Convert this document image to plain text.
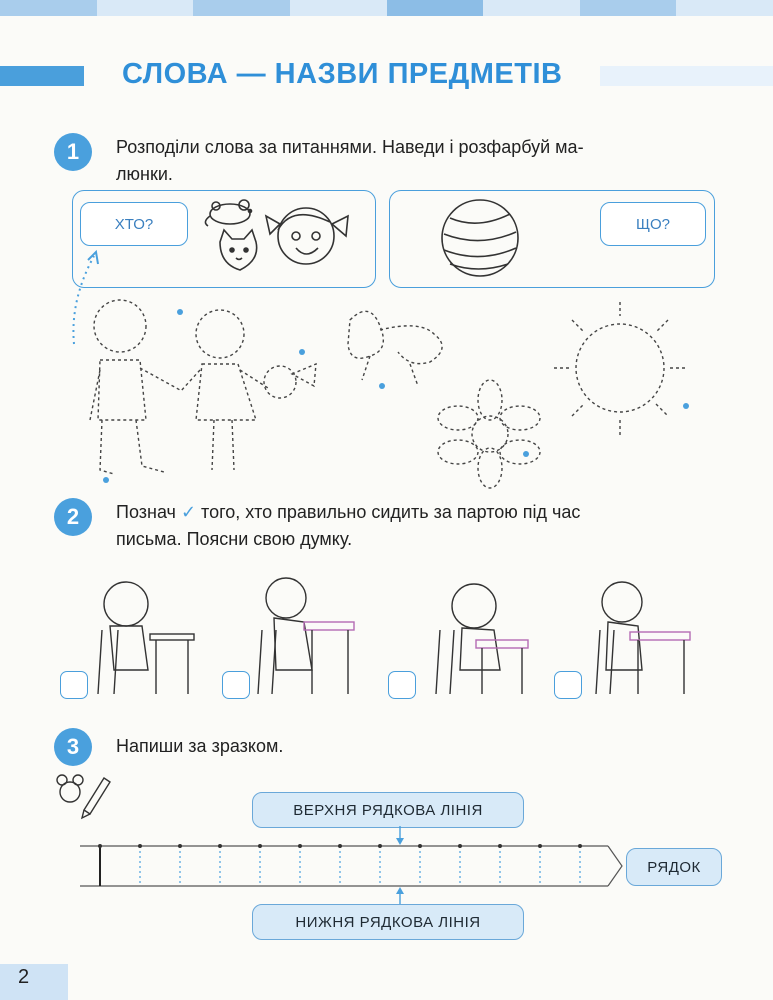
СЛОВА — НАЗВИ ПРЕДМЕТІВ
1	Розподіли слова за питаннями. Наведи і розфарбуй ма-
люнки.
ХТО?	ЩО?
2	Познач ✓ того, хто правильно сидить за партою під час
письма. Поясни свою думку.
3	Напиши за зразком.
ВЕРХНЯ РЯДКОВА ЛІНІЯ
НИЖНЯ РЯДКОВА ЛІНІЯ
РЯДОК
2
